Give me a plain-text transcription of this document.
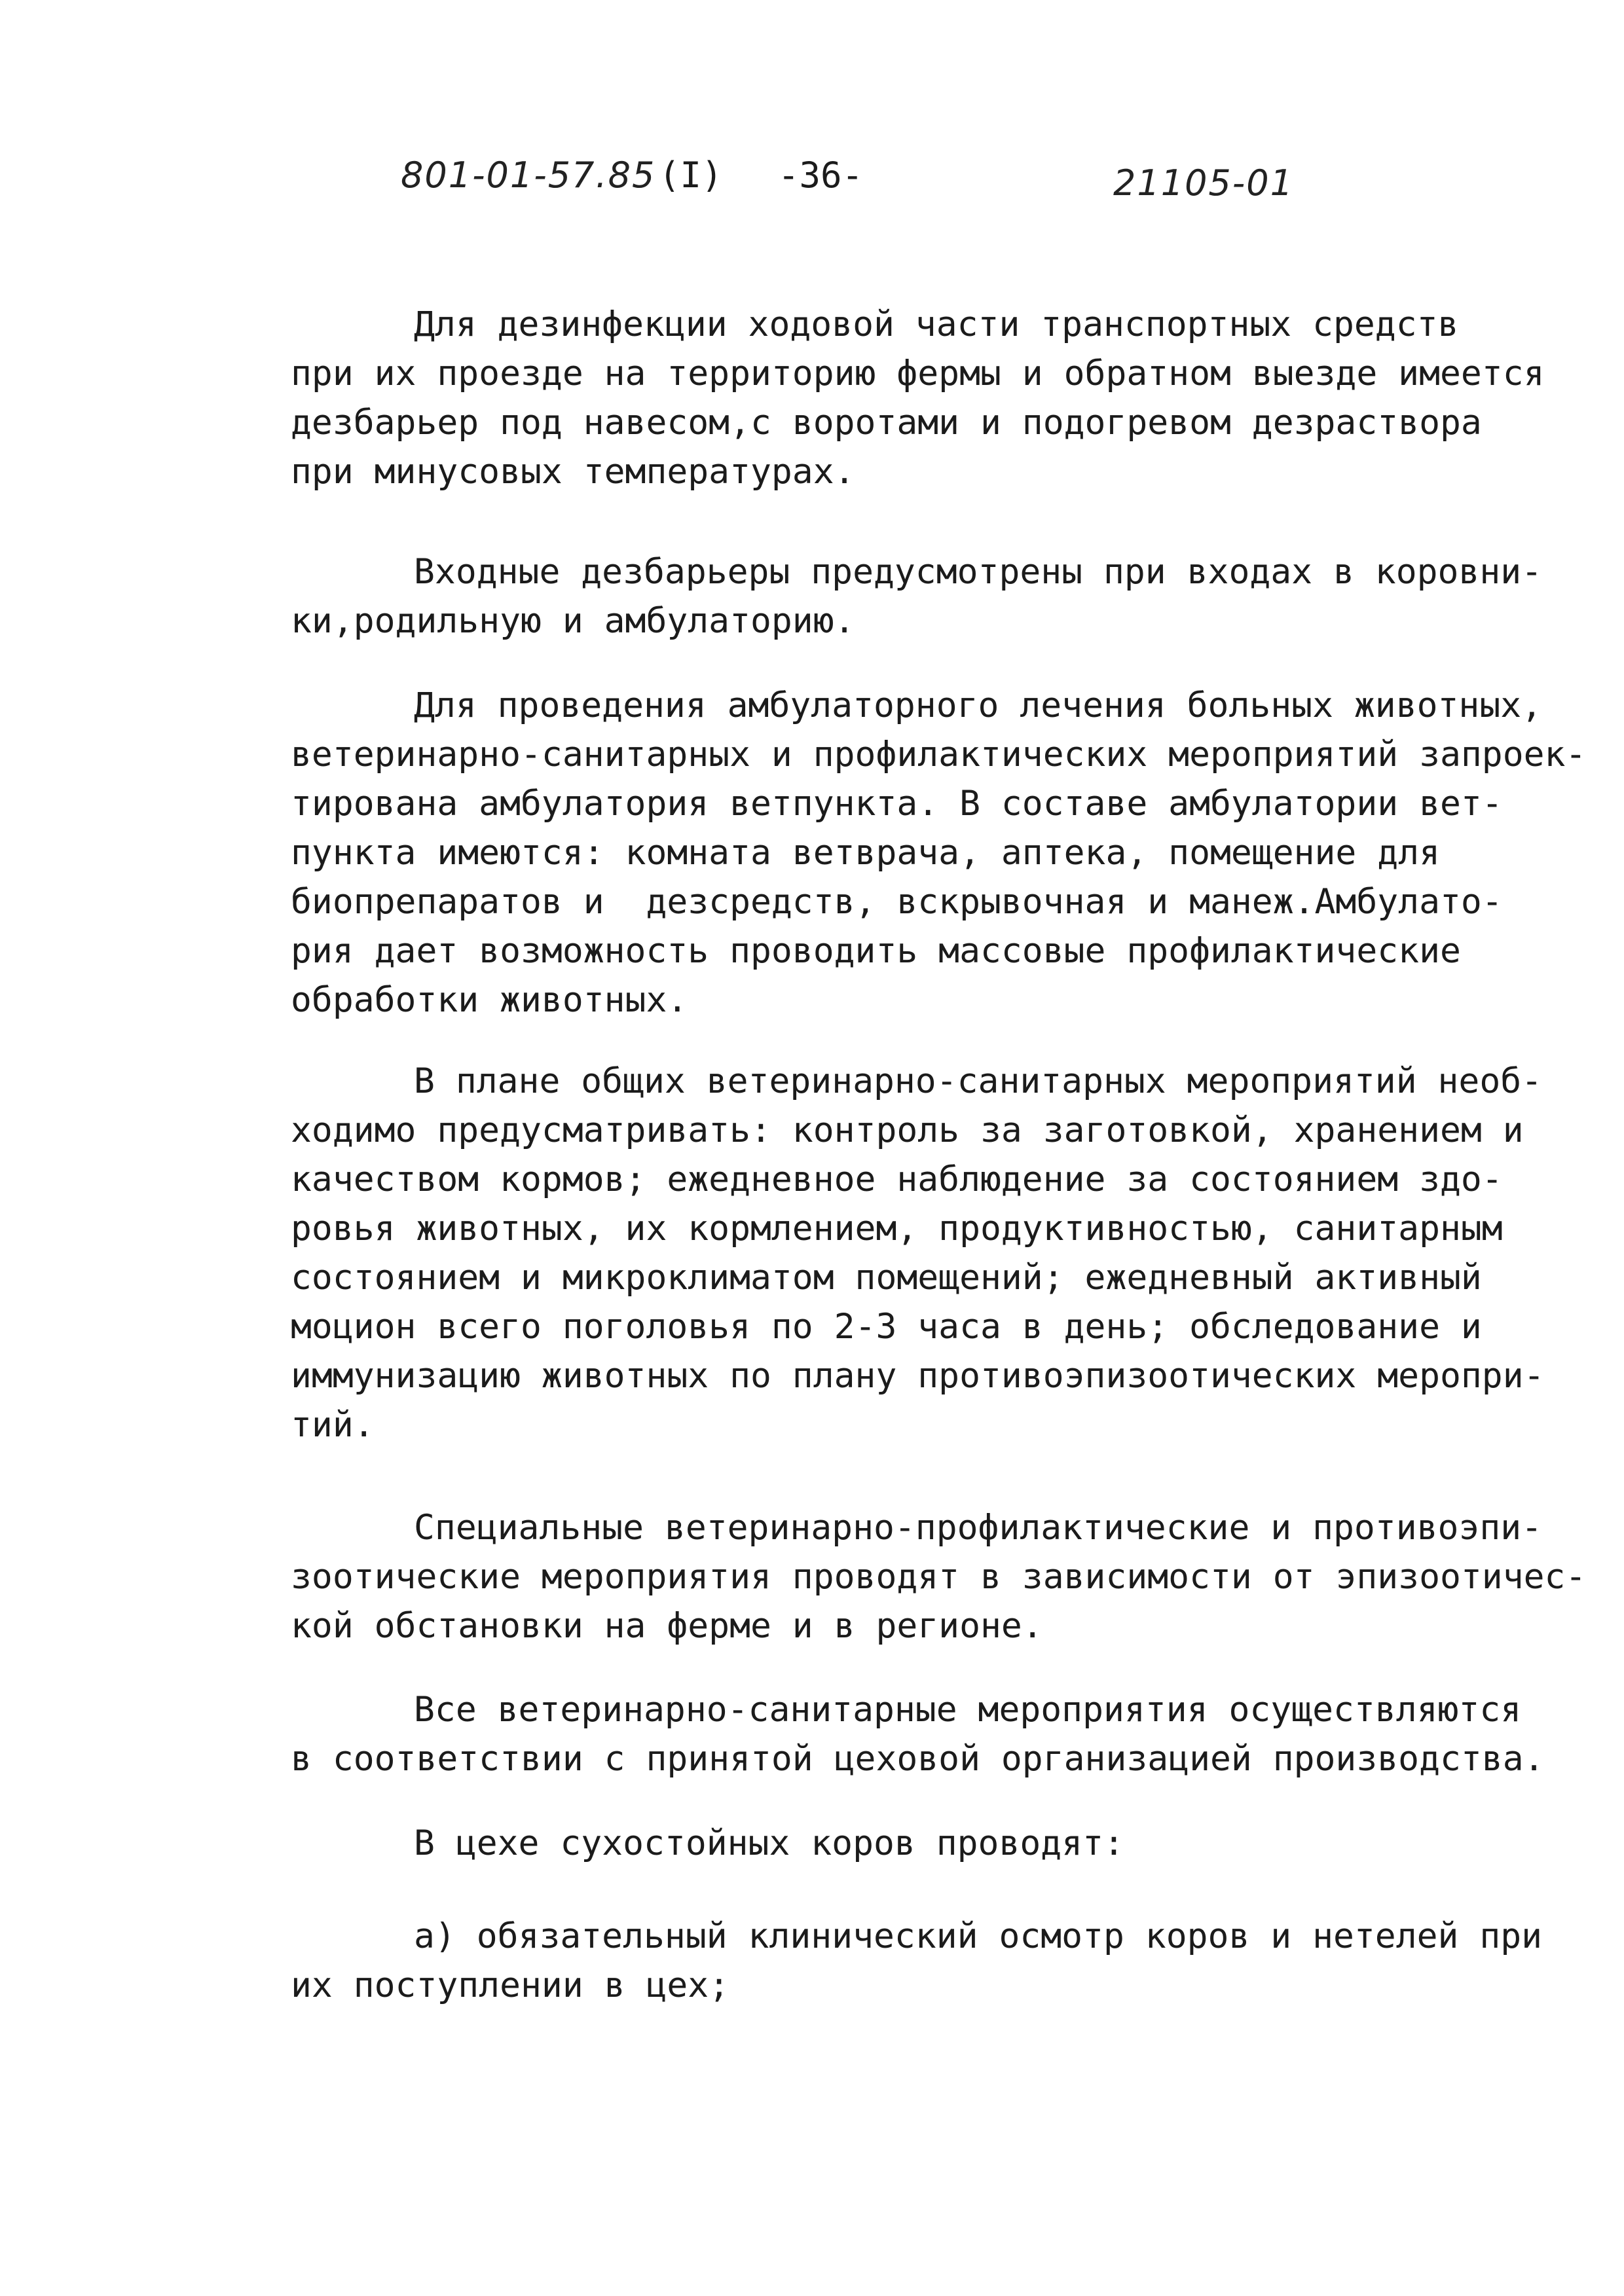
801-01-57.85 (I) -36-	21105-01
Для дезинфекции ходовой части транспортных средств
при их проезде на территорию фермы и обратном выезде имеется
дезбарьер под навесом,с воротами и подогревом дезраствора
при минусовых температурах.
Входные дезбарьеры предусмотрены при входах в коровни-
ки,родильную и амбулаторию.
Для проведения амбулаторного лечения больных животных,
ветеринарно-санитарных и профилактических мероприятий запроек-
тирована амбулатория ветпункта. В составе амбулатории вет-
пункта имеются: комната ветврача, аптека, помещение для
биопрепаратов и  дезсредств, вскрывочная и манеж.Амбулато-
рия дает возможность проводить массовые профилактические
обработки животных.
В плане общих ветеринарно-санитарных мероприятий необ-
ходимо предусматривать: контроль за заготовкой, хранением и
качеством кормов; ежедневное наблюдение за состоянием здо-
ровья животных, их кормлением, продуктивностью, санитарным
состоянием и микроклиматом помещений; ежедневный активный
моцион всего поголовья по 2-3 часа в день; обследование и
иммунизацию животных по плану противоэпизоотических меропри-
тий.
Специальные ветеринарно-профилактические и противоэпи-
зоотические мероприятия проводят в зависимости от эпизоотичес-
кой обстановки на ферме и в регионе.
Все ветеринарно-санитарные мероприятия осуществляются
в соответствии с принятой цеховой организацией производства.
В цехе сухостойных коров проводят:
а) обязательный клинический осмотр коров и нетелей при
их поступлении в цех;
